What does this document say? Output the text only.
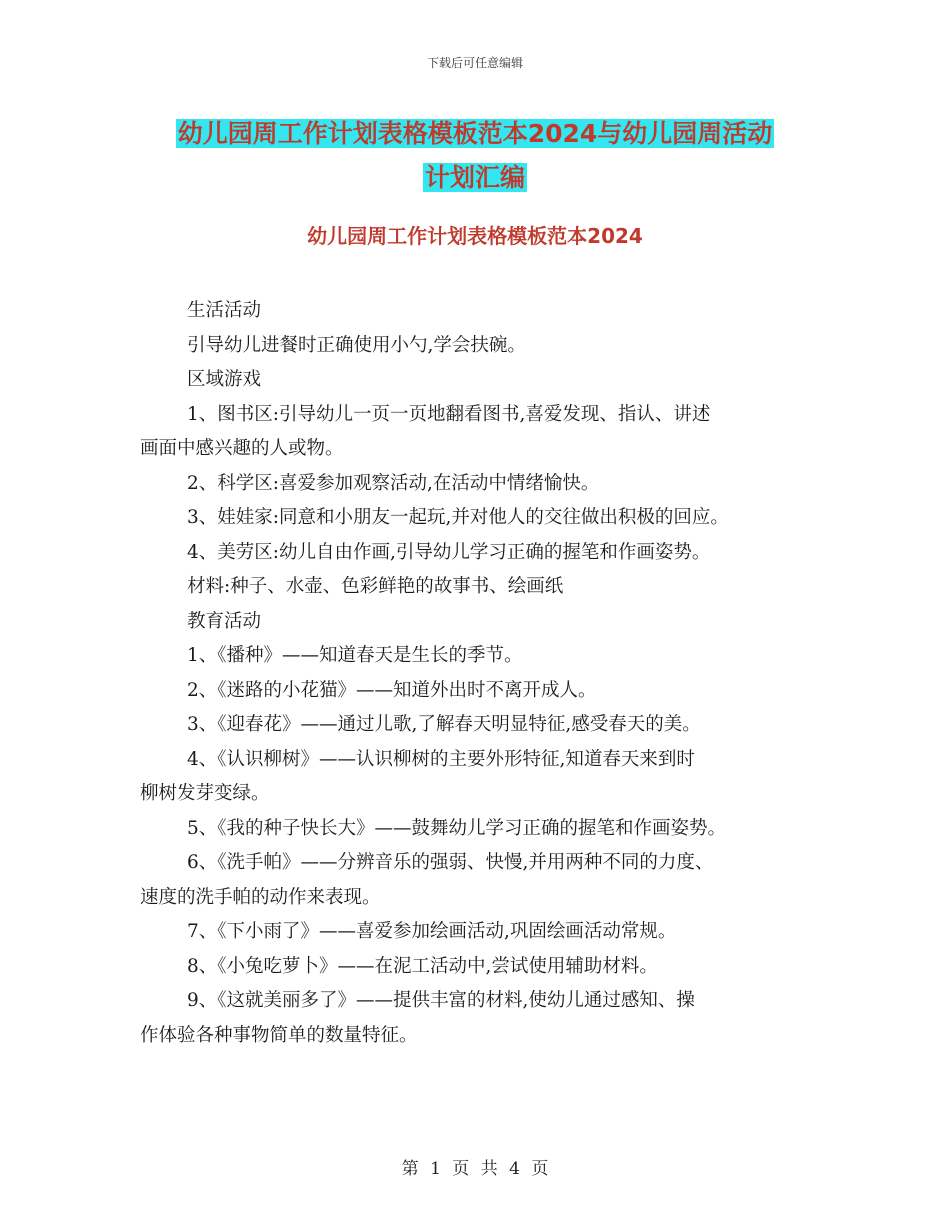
下载后可任意编辑
幼儿园周工作计划表格模板范本2024与幼儿园周活动
计划汇编
幼儿园周工作计划表格模板范本2024
生活活动
引导幼儿进餐时正确使用小勺,学会扶碗。
区域游戏
1、图书区:引导幼儿一页一页地翻看图书,喜爱发现、指认、讲述
画面中感兴趣的人或物。
2、科学区:喜爱参加观察活动,在活动中情绪愉快。
3、娃娃家:同意和小朋友一起玩,并对他人的交往做出积极的回应。
4、美劳区:幼儿自由作画,引导幼儿学习正确的握笔和作画姿势。
材料:种子、水壶、色彩鲜艳的故事书、绘画纸
教育活动
1、《播种》——知道春天是生长的季节。
2、《迷路的小花猫》——知道外出时不离开成人。
3、《迎春花》——通过儿歌,了解春天明显特征,感受春天的美。
4、《认识柳树》——认识柳树的主要外形特征,知道春天来到时
柳树发芽变绿。
5、《我的种子快长大》——鼓舞幼儿学习正确的握笔和作画姿势。
6、《洗手帕》——分辨音乐的强弱、快慢,并用两种不同的力度、
速度的洗手帕的动作来表现。
7、《下小雨了》——喜爱参加绘画活动,巩固绘画活动常规。
8、《小兔吃萝卜》——在泥工活动中,尝试使用辅助材料。
9、《这就美丽多了》——提供丰富的材料,使幼儿通过感知、操
作体验各种事物简单的数量特征。
第 1 页 共 4 页
